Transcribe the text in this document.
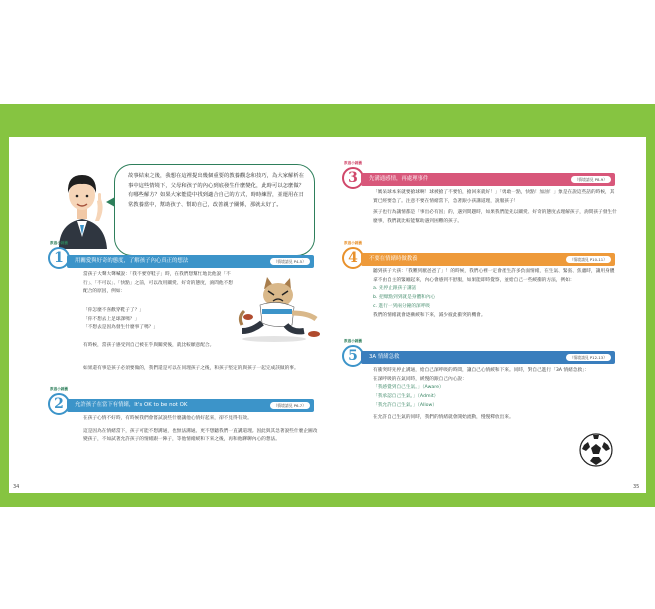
故事結束之後，我想在這裡提出幾個重要的教養觀念和技巧，為大家解析在事中這些情境下，父母和孩子的內心到底發生什麼變化，此時可以怎麼做？有哪些解方？如果大家能從中找到適合自己的方式，時時練習，並運用在日常教養當中，幫助孩子、幫助自己，改善親子關係，那就太好了。
教養小錦囊
1	用關愛與好奇的態度，了解孩子內心真正的想法	（情境請見 P4-5）

當孩子大聲大聲喊說：「我不要穿鞋子」時，在我們想幫忙地比他說「不行」、「不可以」、「快點」之前，可以改用關愛、好奇的態度，詢問他不想配合的原因，例如：

「你怎麼不喜歡穿鞋子了？」

「你不想去上足球課嗎？」

「不想去是因為發生什麼事了嗎？」

有時候，當孩子感受到自己被在乎與關愛後，就比較願意配合。

如果還有事是孩子必須要做的，我們還是可以在同理孩子之後，和孩子堅定的與孩子一起完成該做的事。

教養小錦囊
2	允許孩子在當下有情緒，It's OK to be not OK	（情境請見 P6-7）

在孩子心情不好時，有時候我們會嘗試說些什麼讓他心情好起來，卻不見得有效。

這是因為在情緒當下，孩子可能不想溝通，也無法溝通。更不想聽我們一直講道理。因此與其急著說些什麼企圖改變孩子，不如試著允許孩子的情緒跟一陣子，等他情緒緩和下來之後，再和他聊聊內心的想法。

教養小錦囊
3	先溝通感情，再處理事件	（情境請見 P8-9）

「媽呆球本來就要搶球啊！球被搶了不要怕，搶回來就好！」「勇敢一點，快點！加油！」象是在說這些話的時候，其實已經要急了。注意不要在情緒當下，急著跟小孩講道理，說服孩子！

孩子也行為讓情都是「事出必有因」的，遇到問題時，如果我們能先以關愛、好奇的態度去理解孩子，詢問孩子發生什麼事，我們就比較能幫助遇到困難的孩子。

教養小錦囊
4	不要在情緒時做教養	（情境請見 P10-11）

聽到孩子大孩：「我難到厭爸爸了」！的時候，我們心裡一定會產生許多負面情緒，在生氣、緊張、焦慮時，讓用身體拿不由自主的緊繃起來，內心會感到不舒服，如果能即時覺察，並給自己一些緩衝的方法，例如：

a. 先停止跟孩子講話

b. 把爆點到到就是身體和內心

c. 進行一到兩分鐘的深呼吸

我們的情緒就會逐漸緩和下來，減少彼此衝突的機會。

教養小錦囊
5	3A 情緒急救	（情境請見 P12-13）

有衝突時先停止溝通，給自己深呼吸的時間，讓自己心情緩和下來。同時，對自己進行「3A 情緒急救」：

在深呼吸的在氣同時，緩慢的跟自己內心說：

「我感覺到自己生氣。」（Aware）

「我承認自己生氣。」（Admit）

「我允許自己生氣。」（Allow）

在允許自己生氣的同時，我們的情緒就會開始流動，慢慢釋放出來。

34	35
